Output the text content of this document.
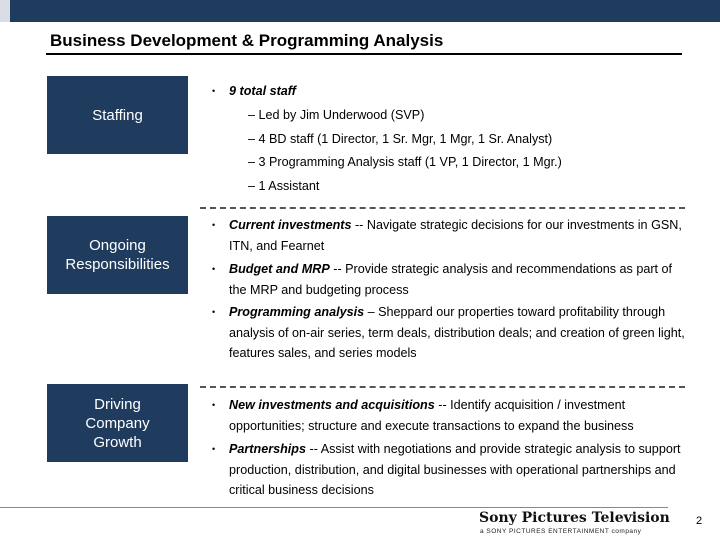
Business Development & Programming Analysis
Staffing
• 9 total staff
– Led by Jim Underwood (SVP)
– 4 BD staff (1 Director, 1 Sr. Mgr, 1 Mgr, 1 Sr. Analyst)
– 3 Programming Analysis staff (1 VP, 1 Director, 1 Mgr.)
– 1 Assistant
Ongoing
Responsibilities
• Current investments -- Navigate strategic decisions for our investments in GSN, ITN, and Fearnet
• Budget and MRP -- Provide strategic analysis and recommendations as part of the MRP and budgeting process
• Programming analysis – Sheppard our properties toward profitability through analysis of on-air series, term deals, distribution deals; and creation of green light, features sales, and series models
Driving
Company
Growth
• New investments and acquisitions -- Identify acquisition / investment opportunities; structure and execute transactions to expand the business
• Partnerships -- Assist with negotiations and provide strategic analysis to support production, distribution, and digital businesses with operational partnerships and critical business decisions
Sony Pictures Television
a SONY PICTURES ENTERTAINMENT company
2
